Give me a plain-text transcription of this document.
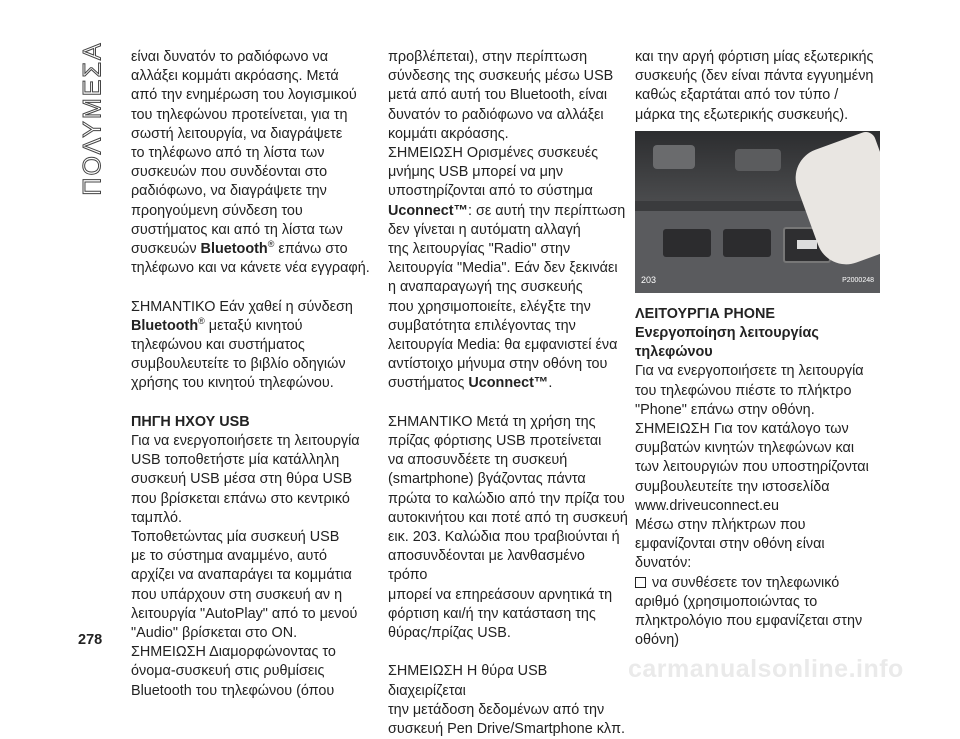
ΠΟΛΥΜΕΣΑ είναι δυνατόν το ραδιόφωνο να

αλλάξει κομμάτι ακρόασης. Μετά

από την ενημέρωση του λογισμικού

του τηλεφώνου προτείνεται, για τη

σωστή λειτουργία, να διαγράψετε

το τηλέφωνο από τη λίστα των

συσκευών που συνδέονται στο

ραδιόφωνο, να διαγράψετε την

προηγούμενη σύνδεση του

συστήματος και από τη λίστα των

συσκευών Bluetooth® επάνω στο

τηλέφωνο και να κάνετε νέα εγγραφή.

ΣΗΜΑΝΤΙΚΟ Εάν χαθεί η σύνδεση

Bluetooth® μεταξύ κινητού

τηλεφώνου και συστήματος

συμβουλευτείτε το βιβλίο οδηγιών

χρήσης του κινητού τηλεφώνου.

ΠΗΓΗ ΗΧΟΥ USB

Για να ενεργοποιήσετε τη λειτουργία

USB τοποθετήστε μία κατάλληλη

συσκευή USB μέσα στη θύρα USB

που βρίσκεται επάνω στο κεντρικό

ταμπλό.

Τοποθετώντας μία συσκευή USB

με το σύστημα αναμμένο, αυτό

αρχίζει να αναπαράγει τα κομμάτια

που υπάρχουν στη συσκευή αν η

λειτουργία "AutoPlay" από το μενού

"Audio" βρίσκεται στο ON.

ΣΗΜΕΙΩΣΗ Διαμορφώνοντας το

όνομα-συσκευή στις ρυθμίσεις

Bluetooth του τηλεφώνου (όπου

προβλέπεται), στην περίπτωση

σύνδεσης της συσκευής μέσω USB

μετά από αυτή του Bluetooth, είναι

δυνατόν το ραδιόφωνο να αλλάξει

κομμάτι ακρόασης.

ΣΗΜΕΙΩΣΗ Ορισμένες συσκευές

μνήμης USB μπορεί να μην

υποστηρίζονται από το σύστημα

Uconnect™: σε αυτή την περίπτωση

δεν γίνεται η αυτόματη αλλαγή

της λειτουργίας "Radio" στην

λειτουργία "Media". Εάν δεν ξεκινάει

η αναπαραγωγή της συσκευής

που χρησιμοποιείτε, ελέγξτε την

συμβατότητα επιλέγοντας την

λειτουργία Media: θα εμφανιστεί ένα

αντίστοιχο μήνυμα στην οθόνη του

συστήματος Uconnect™.

ΣΗΜΑΝΤΙΚΟ Μετά τη χρήση της

πρίζας φόρτισης USB προτείνεται

να αποσυνδέετε τη συσκευή

(smartphone) βγάζοντας πάντα

πρώτα το καλώδιο από την πρίζα του

αυτοκινήτου και ποτέ από τη συσκευή

εικ. 203. Καλώδια που τραβιούνται ή

αποσυνδέονται με λανθασμένο τρόπο

μπορεί να επηρεάσουν αρνητικά τη

φόρτιση και/ή την κατάσταση της

θύρας/πρίζας USB.

ΣΗΜΕΙΩΣΗ Η θύρα USB διαχειρίζεται

την μετάδοση δεδομένων από την

συσκευή Pen Drive/Smartphone κλπ.

και την αργή φόρτιση μίας εξωτερικής

συσκευής (δεν είναι πάντα εγγυημένη

καθώς εξαρτάται από τον τύπο /

μάρκα της εξωτερικής συσκευής).

203	P2000248

ΛΕΙΤΟΥΡΓΙΑ PHONE

Ενεργοποίηση λειτουργίας

τηλεφώνου

Για να ενεργοποιήσετε τη λειτουργία

του τηλεφώνου πιέστε το πλήκτρο

"Phone" επάνω στην οθόνη.

ΣΗΜΕΙΩΣΗ Για τον κατάλογο των

συμβατών κινητών τηλεφώνων και

των λειτουργιών που υποστηρίζονται

συμβουλευτείτε την ιστοσελίδα

www.driveuconnect.eu

Μέσω στην πλήκτρων που

εμφανίζονται στην οθόνη είναι

δυνατόν:

να συνθέσετε τον τηλεφωνικό

αριθμό (χρησιμοποιώντας το

πληκτρολόγιο που εμφανίζεται στην

οθόνη)

278
carmanualsonline.info
